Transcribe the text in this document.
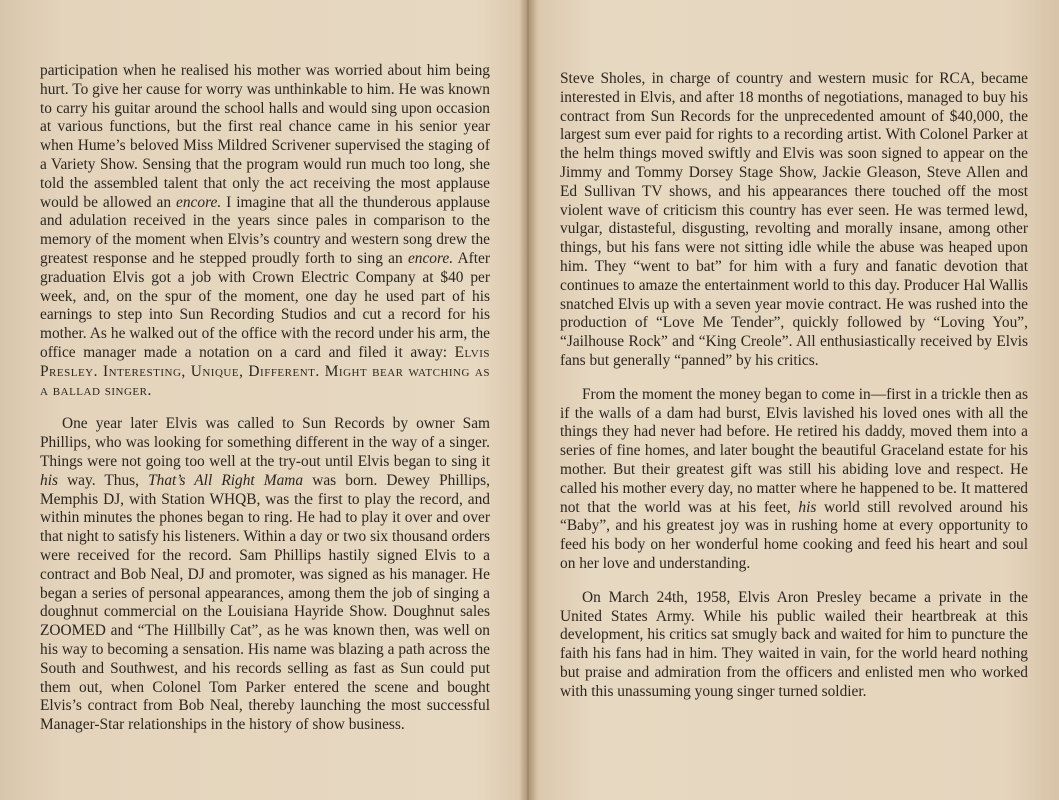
participation when he realised his mother was worried about him being hurt. To give her cause for worry was unthinkable to him. He was known to carry his guitar around the school halls and would sing upon occasion at various functions, but the first real chance came in his senior year when Hume’s beloved Miss Mildred Scrivener supervised the staging of a Variety Show. Sensing that the program would run much too long, she told the assembled talent that only the act receiving the most applause would be allowed an encore. I imagine that all the thunderous applause and adulation received in the years since pales in comparison to the memory of the moment when Elvis’s country and western song drew the greatest response and he stepped proudly forth to sing an encore. After graduation Elvis got a job with Crown Electric Company at $40 per week, and, on the spur of the moment, one day he used part of his earnings to step into Sun Recording Studios and cut a record for his mother. As he walked out of the office with the record under his arm, the office manager made a notation on a card and filed it away: Elvis Presley. Interesting, Unique, Different. Might bear watching as a ballad singer.

One year later Elvis was called to Sun Records by owner Sam Phillips, who was looking for something different in the way of a singer. Things were not going too well at the try-out until Elvis began to sing it his way. Thus, That’s All Right Mama was born. Dewey Phillips, Memphis DJ, with Station WHQB, was the first to play the record, and within minutes the phones began to ring. He had to play it over and over that night to satisfy his listeners. Within a day or two six thousand orders were received for the record. Sam Phillips hastily signed Elvis to a contract and Bob Neal, DJ and promoter, was signed as his manager. He began a series of personal appearances, among them the job of singing a doughnut commercial on the Louisiana Hayride Show. Doughnut sales ZOOMED and “The Hillbilly Cat”, as he was known then, was well on his way to becoming a sensation. His name was blazing a path across the South and Southwest, and his records selling as fast as Sun could put them out, when Colonel Tom Parker entered the scene and bought Elvis’s contract from Bob Neal, thereby launching the most successful Manager-Star relationships in the history of show business.

Steve Sholes, in charge of country and western music for RCA, became interested in Elvis, and after 18 months of negotiations, managed to buy his contract from Sun Records for the unprecedented amount of $40,000, the largest sum ever paid for rights to a recording artist. With Colonel Parker at the helm things moved swiftly and Elvis was soon signed to appear on the Jimmy and Tommy Dorsey Stage Show, Jackie Gleason, Steve Allen and Ed Sullivan TV shows, and his appearances there touched off the most violent wave of criticism this country has ever seen. He was termed lewd, vulgar, distasteful, disgusting, revolting and morally insane, among other things, but his fans were not sitting idle while the abuse was heaped upon him. They “went to bat” for him with a fury and fanatic devotion that continues to amaze the entertainment world to this day. Producer Hal Wallis snatched Elvis up with a seven year movie contract. He was rushed into the production of “Love Me Tender”, quickly followed by “Loving You”, “Jailhouse Rock” and “King Creole”. All enthusiastically received by Elvis fans but generally “panned” by his critics.

From the moment the money began to come in—first in a trickle then as if the walls of a dam had burst, Elvis lavished his loved ones with all the things they had never had before. He retired his daddy, moved them into a series of fine homes, and later bought the beautiful Graceland estate for his mother. But their greatest gift was still his abiding love and respect. He called his mother every day, no matter where he happened to be. It mattered not that the world was at his feet, his world still revolved around his “Baby”, and his greatest joy was in rushing home at every opportunity to feed his body on her wonderful home cooking and feed his heart and soul on her love and understanding.

On March 24th, 1958, Elvis Aron Presley became a private in the United States Army. While his public wailed their heartbreak at this development, his critics sat smugly back and waited for him to puncture the faith his fans had in him. They waited in vain, for the world heard nothing but praise and admiration from the officers and enlisted men who worked with this unassuming young singer turned soldier.
